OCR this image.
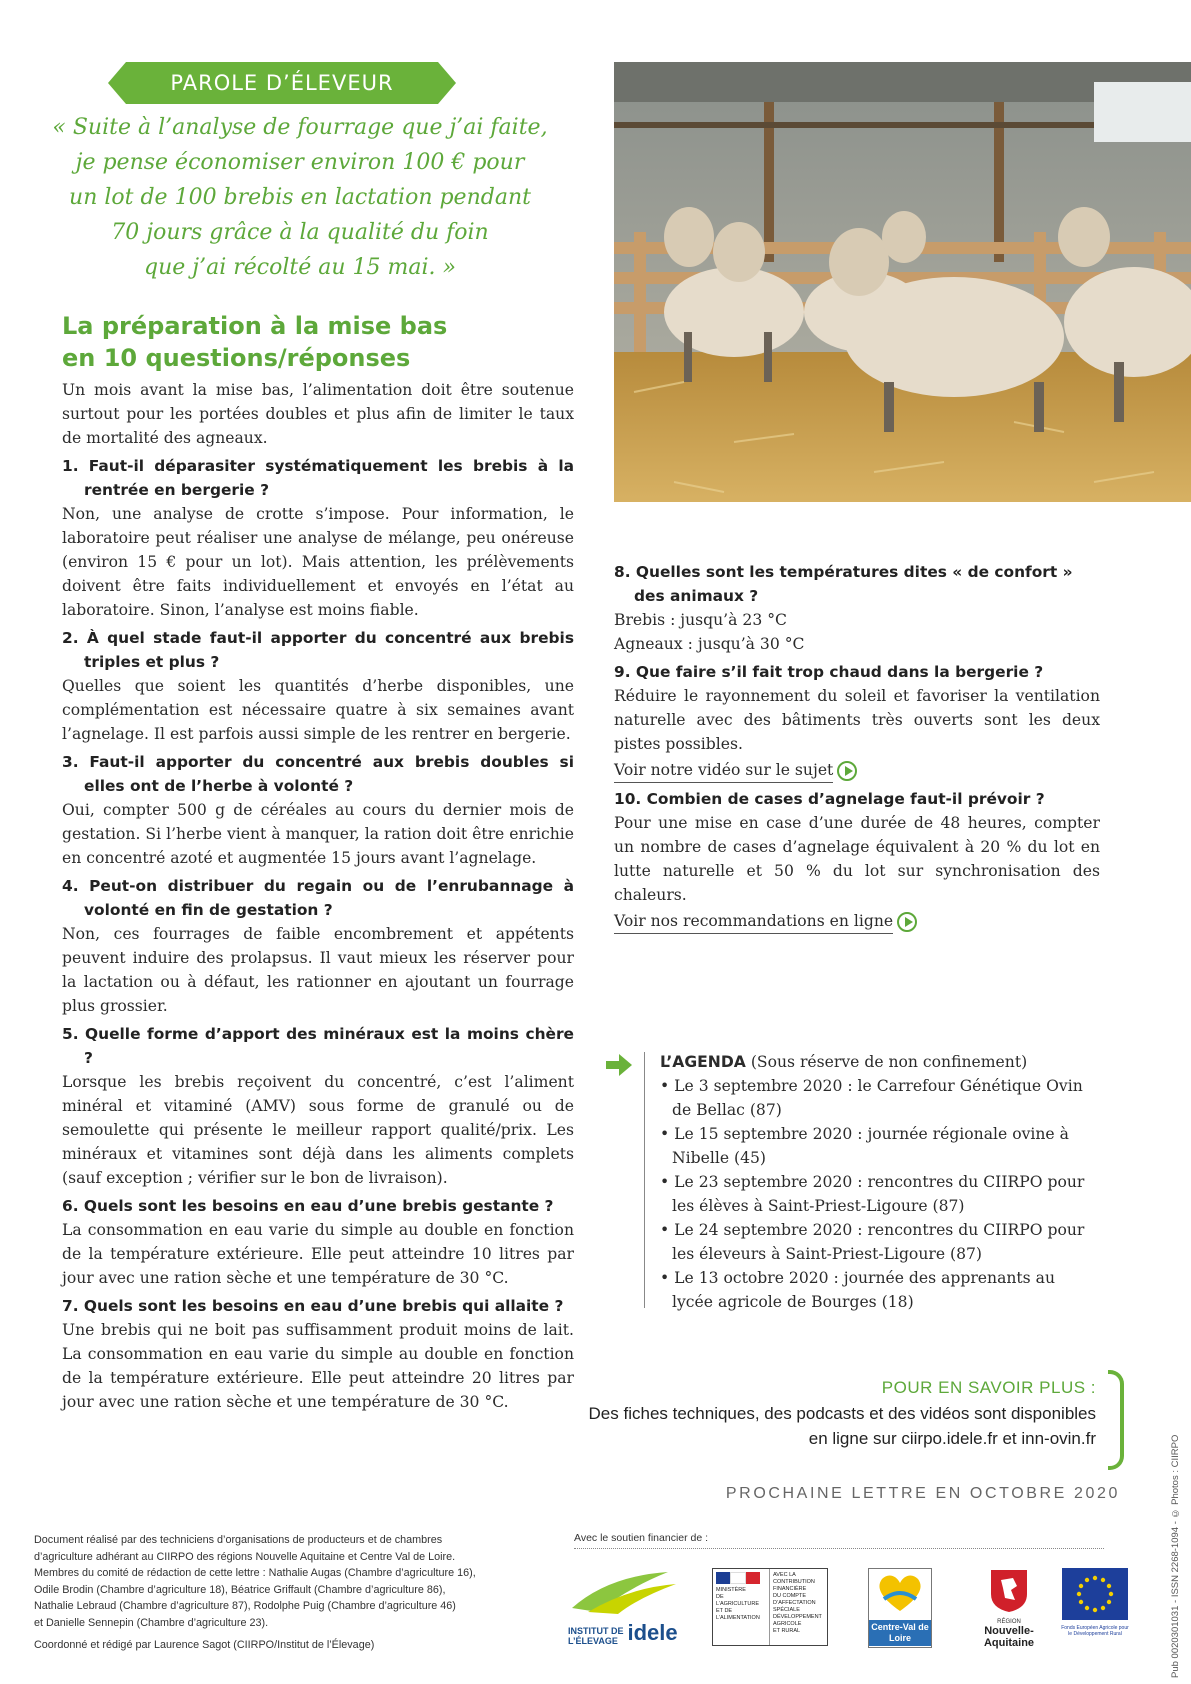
PAROLE D’ÉLEVEUR
« Suite à l’analyse de fourrage que j’ai faite,
je pense économiser environ 100 € pour
un lot de 100 brebis en lactation pendant
70 jours grâce à la qualité du foin
que j’ai récolté au 15 mai. »
La préparation à la mise bas
en 10 questions/réponses

Un mois avant la mise bas, l’alimentation doit être soutenue surtout pour les portées doubles et plus afin de limiter le taux de mortalité des agneaux.

1. Faut-il déparasiter systématiquement les brebis à la rentrée en bergerie ?

Non, une analyse de crotte s’impose. Pour information, le laboratoire peut réaliser une analyse de mélange, peu onéreuse (environ 15 € pour un lot). Mais attention, les prélèvements doivent être faits individuellement et envoyés en l’état au laboratoire. Sinon, l’analyse est moins fiable.

2. À quel stade faut-il apporter du concentré aux brebis triples et plus ?

Quelles que soient les quantités d’herbe disponibles, une complémentation est nécessaire quatre à six semaines avant l’agnelage. Il est parfois aussi simple de les rentrer en bergerie.

3. Faut-il apporter du concentré aux brebis doubles si elles ont de l’herbe à volonté ?

Oui, compter 500 g de céréales au cours du dernier mois de gestation. Si l’herbe vient à manquer, la ration doit être enrichie en concentré azoté et augmentée 15 jours avant l’agnelage.

4. Peut-on distribuer du regain ou de l’enrubannage à volonté en fin de gestation ?

Non, ces fourrages de faible encombrement et appétents peuvent induire des prolapsus. Il vaut mieux les réserver pour la lactation ou à défaut, les rationner en ajoutant un fourrage plus grossier.

5. Quelle forme d’apport des minéraux est la moins chère ?

Lorsque les brebis reçoivent du concentré, c’est l’aliment minéral et vitaminé (AMV) sous forme de granulé ou de semoulette qui présente le meilleur rapport qualité/prix. Les minéraux et vitamines sont déjà dans les aliments complets (sauf exception ; vérifier sur le bon de livraison).

6. Quels sont les besoins en eau d’une brebis gestante ?

La consommation en eau varie du simple au double en fonction de la température extérieure. Elle peut atteindre 10 litres par jour avec une ration sèche et une température de 30 °C.

7. Quels sont les besoins en eau d’une brebis qui allaite ?

Une brebis qui ne boit pas suffisamment produit moins de lait. La consommation en eau varie du simple au double en fonction de la température extérieure. Elle peut atteindre 20 litres par jour avec une ration sèche et une température de 30 °C.

8. Quelles sont les températures dites « de confort » des animaux ?

Brebis : jusqu’à 23 °C

Agneaux : jusqu’à 30 °C

9. Que faire s’il fait trop chaud dans la bergerie ?

Réduire le rayonnement du soleil et favoriser la ventilation naturelle avec des bâtiments très ouverts sont les deux pistes possibles.

Voir notre vidéo sur le sujet

10. Combien de cases d’agnelage faut-il prévoir ?

Pour une mise en case d’une durée de 48 heures, compter un nombre de cases d’agnelage équivalent à 20 % du lot en lutte naturelle et 50 % du lot sur synchronisation des chaleurs.

Voir nos recommandations en ligne

L’AGENDA (Sous réserve de non confinement)

• Le 3 septembre 2020 : le Carrefour Génétique Ovin de Bellac (87)
• Le 15 septembre 2020 : journée régionale ovine à Nibelle (45)
• Le 23 septembre 2020 : rencontres du CIIRPO pour les élèves à Saint-Priest-Ligoure (87)
• Le 24 septembre 2020 : rencontres du CIIRPO pour les éleveurs à Saint-Priest-Ligoure (87)
• Le 13 octobre 2020 : journée des apprenants au lycée agricole de Bourges (18)
POUR EN SAVOIR PLUS :
Des fiches techniques, des podcasts et des vidéos sont disponibles
en ligne sur ciirpo.idele.fr et inn-ovin.fr
PROCHAINE LETTRE EN OCTOBRE 2020	Pub 0020301031 - ISSN 2268-1094 - © Photos : CIIRPO

Document réalisé par des techniciens d’organisations de producteurs et de chambres

d’agriculture adhérant au CIIRPO des régions Nouvelle Aquitaine et Centre Val de Loire.

Membres du comité de rédaction de cette lettre : Nathalie Augas (Chambre d’agriculture 16),

Odile Brodin (Chambre d’agriculture 18), Béatrice Griffault (Chambre d’agriculture 86),

Nathalie Lebraud (Chambre d’agriculture 87), Rodolphe Puig (Chambre d’agriculture 46)

et Danielle Sennepin (Chambre d’agriculture 23).

Coordonné et rédigé par Laurence Sagot (CIIRPO/Institut de l’Élevage)

Avec le soutien financier de :
INSTITUT DE
L’ÉLEVAGE idele
MINISTÈRE
DE L’AGRICULTURE
ET DE
L’ALIMENTATION
AVEC LA
CONTRIBUTION
FINANCIÈRE
DU COMPTE
D’AFFECTATION
SPÉCIALE
DÉVELOPPEMENT
AGRICOLE
ET RURAL	Centre-Val de Loire
RÉGION
Nouvelle-Aquitaine
Fonds Européen Agricole pour le Développement Rural
